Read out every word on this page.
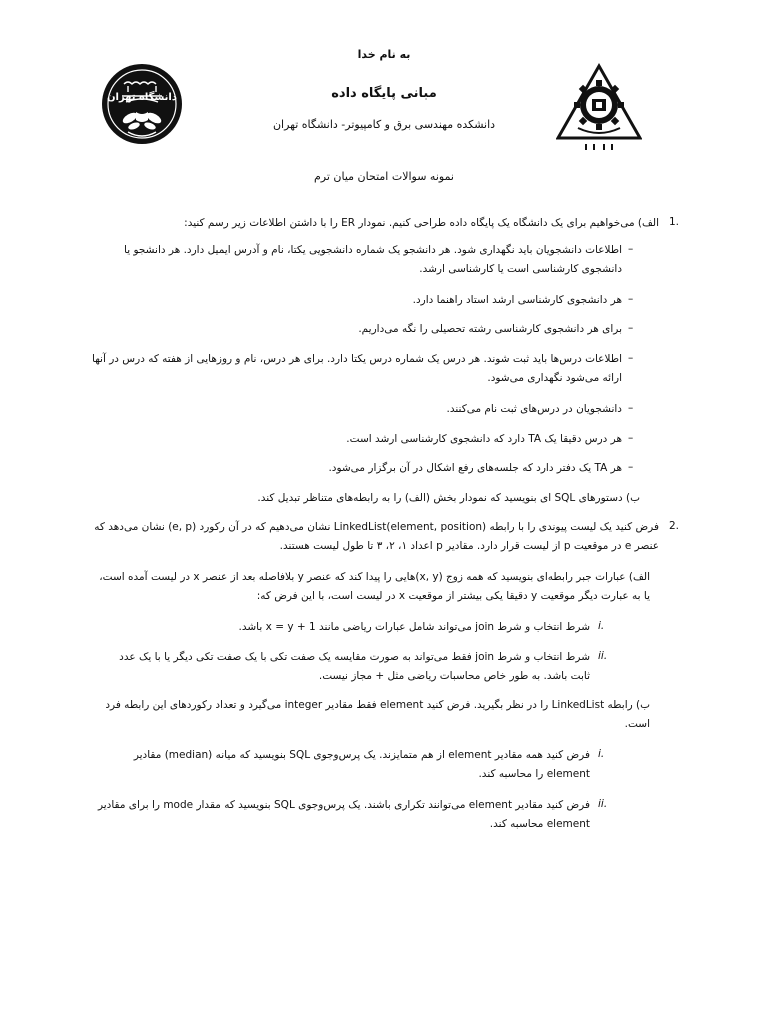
به نام خدا
مبانی پایگاه داده
دانشکده مهندسی برق و کامپیوتر- دانشگاه تهران
نمونه سوالات امتحان میان ترم
دانشگاه تهران
1.
الف) می‌خواهیم برای یک دانشگاه یک پایگاه داده طراحی کنیم. نمودار ER را با داشتن اطلاعات زیر رسم کنید:
–
اطلاعات دانشجویان باید نگهداری شود. هر دانشجو یک شماره دانشجویی یکتا، نام و آدرس ایمیل دارد. هر دانشجو یا دانشجوی کارشناسی است یا کارشناسی ارشد.
–
هر دانشجوی کارشناسی ارشد استاد راهنما دارد.
–
برای هر دانشجوی کارشناسی رشته تحصیلی را نگه می‌داریم.
–
اطلاعات درس‌ها باید ثبت شوند. هر درس یک شماره درس یکتا دارد. برای هر درس، نام و روزهایی از هفته که درس در آنها ارائه می‌شود نگهداری می‌شود.
–
دانشجویان در درس‌های ثبت نام می‌کنند.
–
هر درس دقیقا یک TA دارد که دانشجوی کارشناسی ارشد است.
–
هر TA یک دفتر دارد که جلسه‌های رفع اشکال در آن برگزار می‌شود.
ب) دستورهای SQL ای بنویسید که نمودار بخش (الف) را به رابطه‌های متناظر تبدیل کند.
2.
فرض کنید یک لیست پیوندی را با رابطه LinkedList(element, position) نشان می‌دهیم که در آن رکورد (e, p) نشان می‌دهد که عنصر e در موقعیت p از لیست قرار دارد. مقادیر p اعداد ۱، ۲، ۳ تا طول لیست هستند.
الف) عبارات جبر رابطه‌ای بنویسید که همه زوج (x, y)هایی را پیدا کند که عنصر y بلافاصله بعد از عنصر x در لیست آمده است، یا به عبارت دیگر موقعیت y دقیقا یکی بیشتر از موقعیت x در لیست است، با این فرض که:
i.
شرط انتخاب و شرط join می‌تواند شامل عبارات ریاضی مانند x = y + 1 باشد.
ii.
شرط انتخاب و شرط join فقط می‌تواند به صورت مقایسه یک صفت تکی با یک صفت تکی دیگر یا با یک عدد ثابت باشد. به طور خاص محاسبات ریاضی مثل + مجاز نیست.
ب) رابطه LinkedList را در نظر بگیرید. فرض کنید element فقط مقادیر integer می‌گیرد و تعداد رکوردهای این رابطه فرد است.
i.
فرض کنید همه مقادیر element از هم متمایزند. یک پرس‌وجوی SQL بنویسید که میانه (median) مقادیر element را محاسبه کند.
ii.
فرض کنید مقادیر element می‌توانند تکراری باشند. یک پرس‌وجوی SQL بنویسید که مقدار mode را برای مقادیر element محاسبه کند.
